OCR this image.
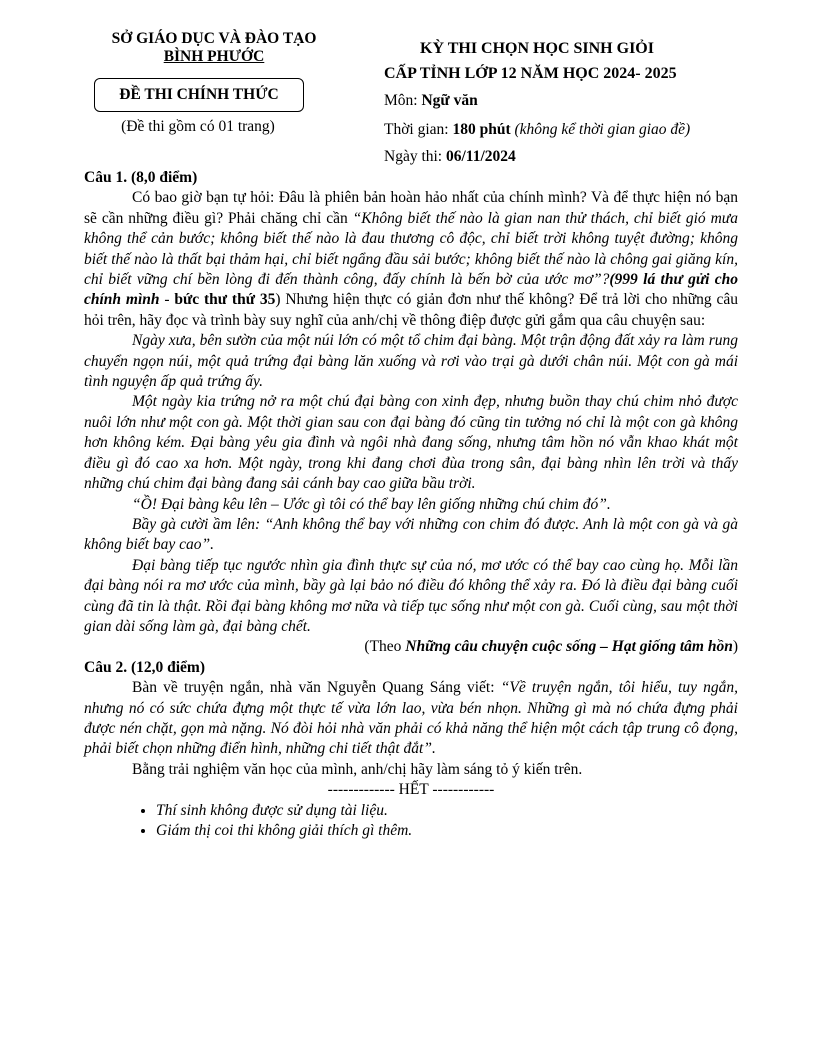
SỞ GIÁO DỤC VÀ ĐÀO TẠO
BÌNH PHƯỚC
ĐỀ THI CHÍNH THỨC
(Đề thi gồm có 01 trang)
KỲ THI CHỌN HỌC SINH GIỎI
CẤP TỈNH LỚP 12 NĂM HỌC 2024- 2025
Môn: Ngữ văn
Thời gian: 180 phút (không kể thời gian giao đề)
Ngày thi: 06/11/2024

Câu 1. (8,0 điểm)

Có bao giờ bạn tự hỏi: Đâu là phiên bản hoàn hảo nhất của chính mình? Và để thực hiện nó bạn sẽ cần những điều gì? Phải chăng chỉ cần “Không biết thế nào là gian nan thử thách, chỉ biết gió mưa không thể cản bước; không biết thế nào là đau thương cô độc, chỉ biết trời không tuyệt đường; không biết thế nào là thất bại thảm hại, chỉ biết ngẩng đầu sải bước; không biết thế nào là chông gai giăng kín, chỉ biết vững chí bền lòng đi đến thành công, đấy chính là bến bờ của ước mơ”?(999 lá thư gửi cho chính mình - bức thư thứ 35) Nhưng hiện thực có giản đơn như thế không? Để trả lời cho những câu hỏi trên, hãy đọc và trình bày suy nghĩ của anh/chị về thông điệp được gửi gắm qua câu chuyện sau:

Ngày xưa, bên sườn của một núi lớn có một tổ chim đại bàng. Một trận động đất xảy ra làm rung chuyển ngọn núi, một quả trứng đại bàng lăn xuống và rơi vào trại gà dưới chân núi. Một con gà mái tình nguyện ấp quả trứng ấy.

Một ngày kia trứng nở ra một chú đại bàng con xinh đẹp, nhưng buồn thay chú chim nhỏ được nuôi lớn như một con gà. Một thời gian sau con đại bàng đó cũng tin tưởng nó chỉ là một con gà không hơn không kém. Đại bàng yêu gia đình và ngôi nhà đang sống, nhưng tâm hồn nó vẫn khao khát một điều gì đó cao xa hơn. Một ngày, trong khi đang chơi đùa trong sân, đại bàng nhìn lên trời và thấy những chú chim đại bàng đang sải cánh bay cao giữa bầu trời.

“Ồ! Đại bàng kêu lên – Ước gì tôi có thể bay lên giống những chú chim đó”.

Bầy gà cười ầm lên: “Anh không thể bay với những con chim đó được. Anh là một con gà và gà không biết bay cao”.

Đại bàng tiếp tục ngước nhìn gia đình thực sự của nó, mơ ước có thể bay cao cùng họ. Mỗi lần đại bàng nói ra mơ ước của mình, bầy gà lại bảo nó điều đó không thể xảy ra. Đó là điều đại bàng cuối cùng đã tin là thật. Rồi đại bàng không mơ nữa và tiếp tục sống như một con gà. Cuối cùng, sau một thời gian dài sống làm gà, đại bàng chết.

(Theo Những câu chuyện cuộc sống – Hạt giống tâm hồn)

Câu 2. (12,0 điểm)

Bàn về truyện ngắn, nhà văn Nguyễn Quang Sáng viết: “Về truyện ngắn, tôi hiểu, tuy ngắn, nhưng nó có sức chứa đựng một thực tế vừa lớn lao, vừa bén nhọn. Những gì mà nó chứa đựng phải được nén chặt, gọn mà nặng. Nó đòi hỏi nhà văn phải có khả năng thể hiện một cách tập trung cô đọng, phải biết chọn những điển hình, những chi tiết thật đắt”.

Bằng trải nghiệm văn học của mình, anh/chị hãy làm sáng tỏ ý kiến trên.

------------- HẾT ------------

• Thí sinh không được sử dụng tài liệu.
• Giám thị coi thi không giải thích gì thêm.
